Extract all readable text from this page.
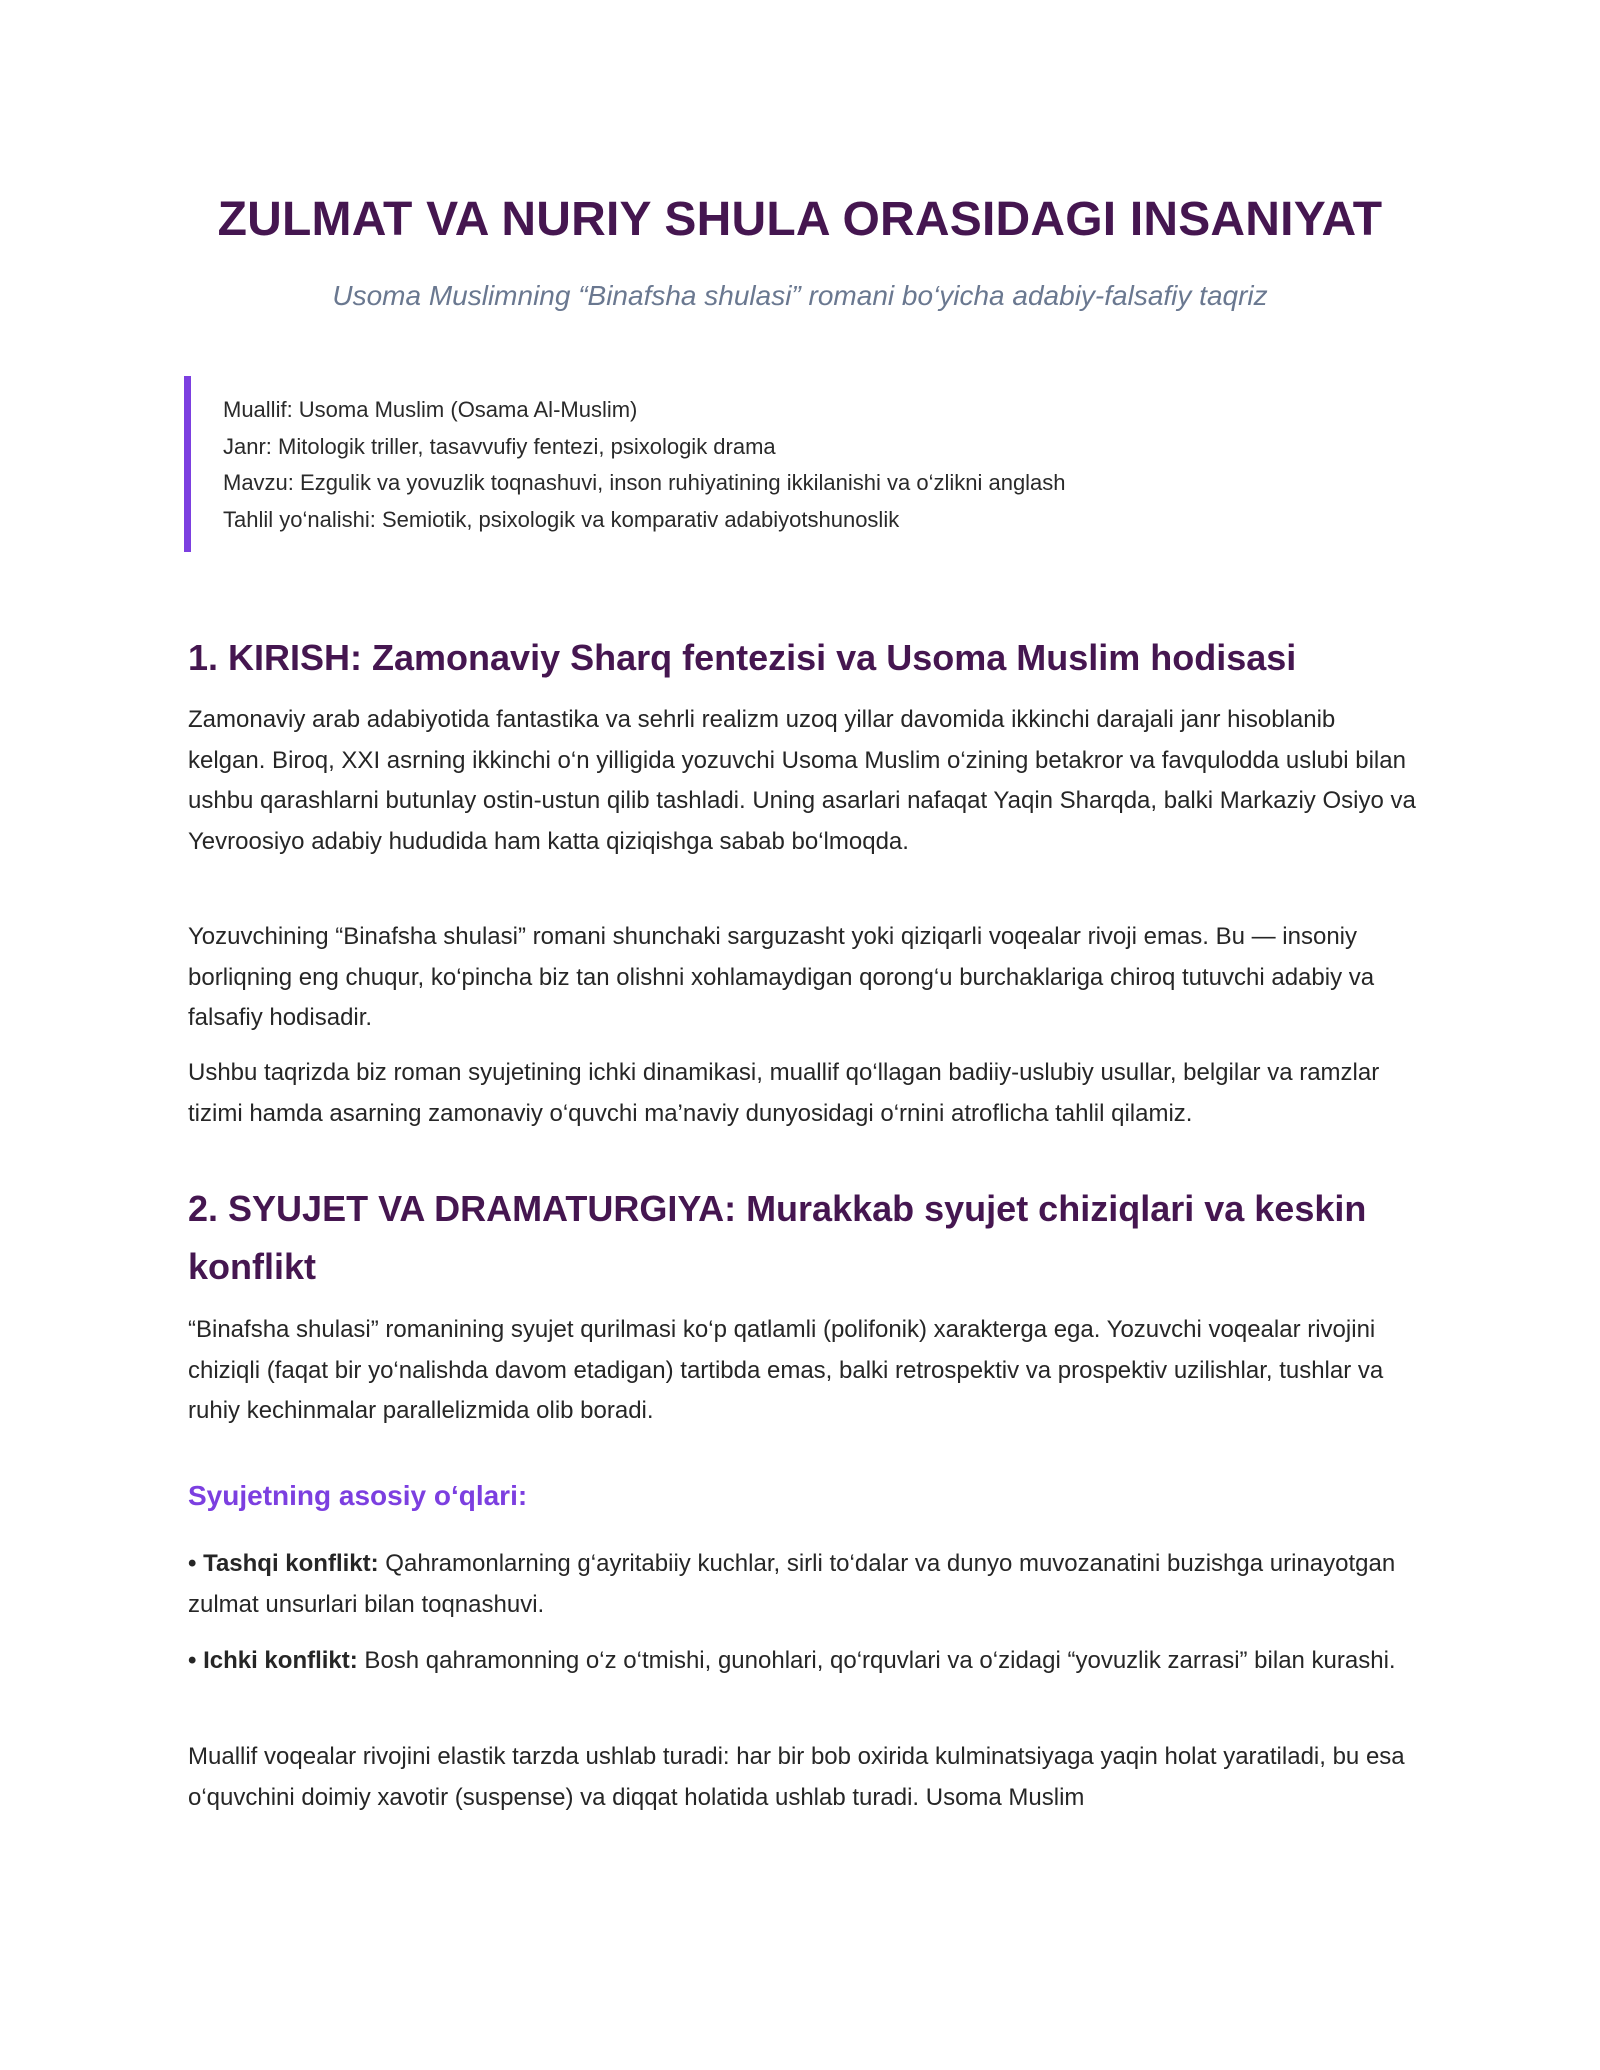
ZULMAT VA NURIY SHULA ORASIDAGI INSANIYAT

Usoma Muslimning “Binafsha shulasi” romani bo‘yicha adabiy-falsafiy taqriz

Muallif: Usoma Muslim (Osama Al-Muslim)
Janr: Mitologik triller, tasavvufiy fentezi, psixologik drama
Mavzu: Ezgulik va yovuzlik toqnashuvi, inson ruhiyatining ikkilanishi va o‘zlikni anglash
Tahlil yo‘nalishi: Semiotik, psixologik va komparativ adabiyotshunoslik
1. KIRISH: Zamonaviy Sharq fentezisi va Usoma Muslim hodisasi

Zamonaviy arab adabiyotida fantastika va sehrli realizm uzoq yillar davomida ikkinchi darajali janr hisoblanib kelgan. Biroq, XXI asrning ikkinchi o‘n yilligida yozuvchi Usoma Muslim o‘zining betakror va favqulodda uslubi bilan ushbu qarashlarni butunlay ostin-ustun qilib tashladi. Uning asarlari nafaqat Yaqin Sharqda, balki Markaziy Osiyo va Yevroosiyo adabiy hududida ham katta qiziqishga sabab bo‘lmoqda.

Yozuvchining “Binafsha shulasi” romani shunchaki sarguzasht yoki qiziqarli voqealar rivoji emas. Bu — insoniy borliqning eng chuqur, ko‘pincha biz tan olishni xohlamaydigan qorong‘u burchaklariga chiroq tutuvchi adabiy va falsafiy hodisadir.

Ushbu taqrizda biz roman syujetining ichki dinamikasi, muallif qo‘llagan badiiy-uslubiy usullar, belgilar va ramzlar tizimi hamda asarning zamonaviy o‘quvchi ma’naviy dunyosidagi o‘rnini atroflicha tahlil qilamiz.

2. SYUJET VA DRAMATURGIYA: Murakkab syujet chiziqlari va keskin konflikt

“Binafsha shulasi” romanining syujet qurilmasi ko‘p qatlamli (polifonik) xarakterga ega. Yozuvchi voqealar rivojini chiziqli (faqat bir yo‘nalishda davom etadigan) tartibda emas, balki retrospektiv va prospektiv uzilishlar, tushlar va ruhiy kechinmalar parallelizmida olib boradi.

Syujetning asosiy o‘qlari:

• Tashqi konflikt: Qahramonlarning g‘ayritabiiy kuchlar, sirli to‘dalar va dunyo muvozanatini buzishga urinayotgan zulmat unsurlari bilan toqnashuvi.

• Ichki konflikt: Bosh qahramonning o‘z o‘tmishi, gunohlari, qo‘rquvlari va o‘zidagi “yovuzlik zarrasi” bilan kurashi.

Muallif voqealar rivojini elastik tarzda ushlab turadi: har bir bob oxirida kulminatsiyaga yaqin holat yaratiladi, bu esa o‘quvchini doimiy xavotir (suspense) va diqqat holatida ushlab turadi. Usoma Muslim
